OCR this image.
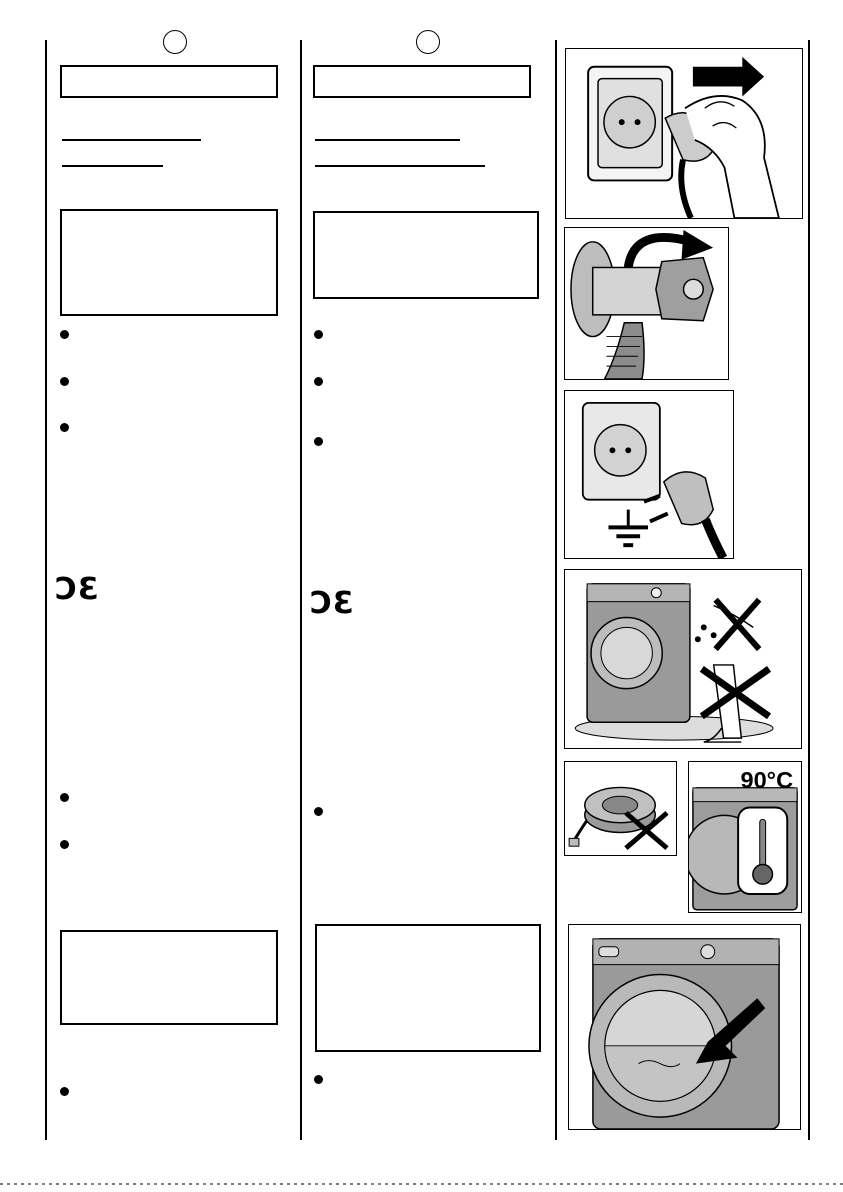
ƆƐ	ƆƐ
90°C
